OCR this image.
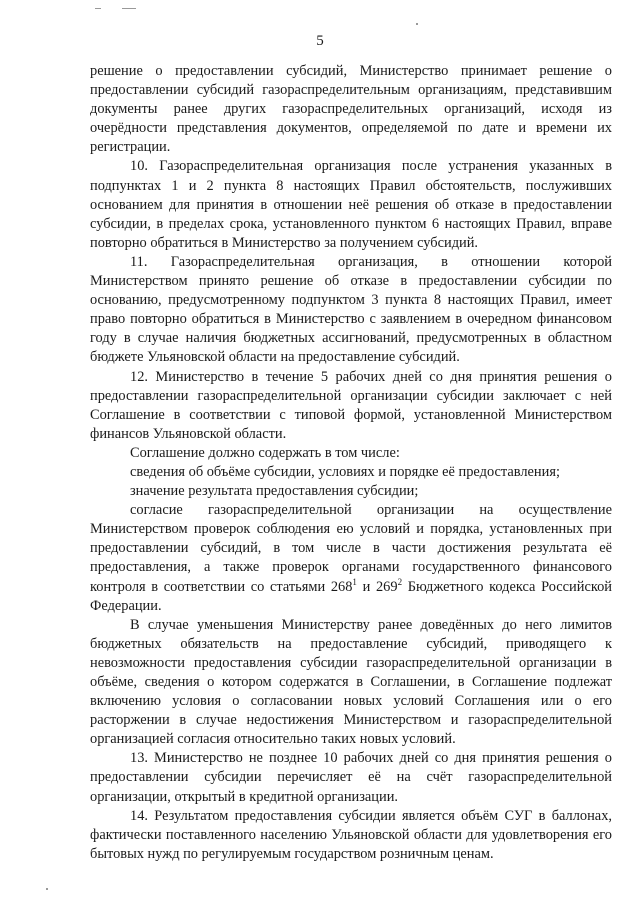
5

решение о предоставлении субсидий, Министерство принимает решение о предоставлении субсидий газораспределительным организациям, представившим документы ранее других газораспределительных организаций, исходя из очерёдности представления документов, определяемой по дате и времени их регистрации.

10. Газораспределительная организация после устранения указанных в подпунктах 1 и 2 пункта 8 настоящих Правил обстоятельств, послуживших основанием для принятия в отношении неё решения об отказе в предоставлении субсидии, в пределах срока, установленного пунктом 6 настоящих Правил, вправе повторно обратиться в Министерство за получением субсидий.

11. Газораспределительная организация, в отношении которой Министерством принято решение об отказе в предоставлении субсидии по основанию, предусмотренному подпунктом 3 пункта 8 настоящих Правил, имеет право повторно обратиться в Министерство с заявлением в очередном финансовом году в случае наличия бюджетных ассигнований, предусмотренных в областном бюджете Ульяновской области на предоставление субсидий.

12. Министерство в течение 5 рабочих дней со дня принятия решения о предоставлении газораспределительной организации субсидии заключает с ней Соглашение в соответствии с типовой формой, установленной Министерством финансов Ульяновской области.

Соглашение должно содержать в том числе:

сведения об объёме субсидии, условиях и порядке её предоставления;

значение результата предоставления субсидии;

согласие газораспределительной организации на осуществление Министерством проверок соблюдения ею условий и порядка, установленных при предоставлении субсидий, в том числе в части достижения результата её предоставления, а также проверок органами государственного финансового контроля в соответствии со статьями $268^1$ и $269^2$ Бюджетного кодекса Российской Федерации.

В случае уменьшения Министерству ранее доведённых до него лимитов бюджетных обязательств на предоставление субсидий, приводящего к невозможности предоставления субсидии газораспределительной организации в объёме, сведения о котором содержатся в Соглашении, в Соглашение подлежат включению условия о согласовании новых условий Соглашения или о его расторжении в случае недостижения Министерством и газораспределительной организацией согласия относительно таких новых условий.

13. Министерство не позднее 10 рабочих дней со дня принятия решения о предоставлении субсидии перечисляет её на счёт газораспределительной организации, открытый в кредитной организации.

14. Результатом предоставления субсидии является объём СУГ в баллонах, фактически поставленного населению Ульяновской области для удовлетворения его бытовых нужд по регулируемым государством розничным ценам.
